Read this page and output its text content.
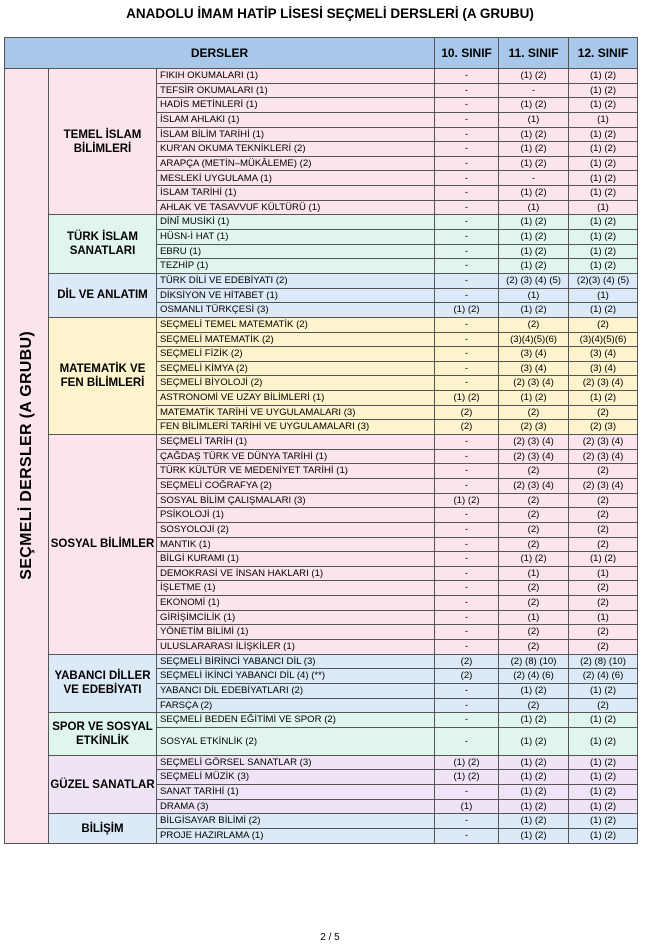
ANADOLU İMAM HATİP LİSESİ SEÇMELİ DERSLERİ (A GRUBU)
DERSLER			10. SINIF	11. SINIF	12. SINIF

SEÇMELİ DERSLER (A GRUBU)	TEMEL İSLAM BİLİMLERİ	FIKIH OKUMALARI (1)	-	(1) (2)	(1) (2)
		TEFSİR OKUMALARI (1)	-	-	(1) (2)
		HADİS METİNLERİ (1)	-	(1) (2)	(1) (2)
		İSLAM AHLAKI (1)	-	(1)	(1)
		İSLAM BİLİM TARİHİ (1)	-	(1) (2)	(1) (2)
		KUR'AN OKUMA TEKNİKLERİ (2)	-	(1) (2)	(1) (2)
		ARAPÇA (METİN–MÜKÂLEME) (2)	-	(1) (2)	(1) (2)
		MESLEKİ UYGULAMA (1)	-	-	(1) (2)
		İSLAM TARİHİ (1)	-	(1) (2)	(1) (2)
		AHLAK VE TASAVVUF KÜLTÜRÜ (1)	-	(1)	(1)
	TÜRK İSLAM SANATLARI	DİNÎ MUSİKİ (1)	-	(1) (2)	(1) (2)
		HÜSN-İ HAT (1)	-	(1) (2)	(1) (2)
		EBRU (1)	-	(1) (2)	(1) (2)
		TEZHİP (1)	-	(1) (2)	(1) (2)
	DİL VE ANLATIM	TÜRK DİLİ VE EDEBİYATI (2)	-	(2) (3) (4) (5)	(2)(3) (4) (5)
		DİKSİYON VE HİTABET (1)	-	(1)	(1)
		OSMANLI TÜRKÇESİ (3)	(1) (2)	(1) (2)	(1) (2)
	MATEMATİK VE FEN BİLİMLERİ	SEÇMELİ TEMEL MATEMATİK (2)	-	(2)	(2)
		SEÇMELİ MATEMATİK (2)	-	(3)(4)(5)(6)	(3)(4)(5)(6)
		SEÇMELİ FİZİK (2)	-	(3) (4)	(3) (4)
		SEÇMELİ KİMYA (2)	-	(3) (4)	(3) (4)
		SEÇMELİ BİYOLOJİ (2)	-	(2) (3) (4)	(2) (3) (4)
		ASTRONOMİ VE UZAY BİLİMLERİ (1)	(1) (2)	(1) (2)	(1) (2)
		MATEMATİK TARİHİ VE UYGULAMALARI (3)	(2)	(2)	(2)
		FEN BİLİMLERİ TARİHİ VE UYGULAMALARI (3)	(2)	(2) (3)	(2) (3)
	SOSYAL BİLİMLER	SEÇMELİ TARİH (1)	-	(2) (3) (4)	(2) (3) (4)
		ÇAĞDAŞ TÜRK VE DÜNYA TARİHİ (1)	-	(2) (3) (4)	(2) (3) (4)
		TÜRK KÜLTÜR VE MEDENİYET TARİHİ (1)	-	(2)	(2)
		SEÇMELİ COĞRAFYA (2)	-	(2) (3) (4)	(2) (3) (4)
		SOSYAL BİLİM ÇALIŞMALARI (3)	(1) (2)	(2)	(2)
		PSİKOLOJİ (1)	-	(2)	(2)
		SOSYOLOJİ (2)	-	(2)	(2)
		MANTIK (1)	-	(2)	(2)
		BİLGİ KURAMI (1)	-	(1) (2)	(1) (2)
		DEMOKRASİ VE İNSAN HAKLARI (1)	-	(1)	(1)
		İŞLETME (1)	-	(2)	(2)
		EKONOMİ (1)	-	(2)	(2)
		GİRİŞİMCİLİK (1)	-	(1)	(1)
		YÖNETİM BİLİMİ (1)	-	(2)	(2)
		ULUSLARARASI İLİŞKİLER (1)	-	(2)	(2)
	YABANCI DİLLER VE EDEBİYATI	SEÇMELİ BİRİNCİ YABANCI DİL (3)	(2)	(2) (8) (10)	(2) (8) (10)
		SEÇMELİ İKİNCİ YABANCI DİL (4) (**)	(2)	(2) (4) (6)	(2) (4) (6)
		YABANCI DİL EDEBİYATLARI (2)	-	(1) (2)	(1) (2)
		FARSÇA (2)	-	(2)	(2)
	SPOR VE SOSYAL ETKİNLİK	SEÇMELİ BEDEN EĞİTİMİ VE SPOR (2)	-	(1) (2)	(1) (2)
		SOSYAL ETKİNLİK (2)	-	(1) (2)	(1) (2)
	GÜZEL SANATLAR	SEÇMELİ GÖRSEL SANATLAR (3)	(1) (2)	(1) (2)	(1) (2)
		SEÇMELİ MÜZİK (3)	(1) (2)	(1) (2)	(1) (2)
		SANAT TARİHİ (1)	-	(1) (2)	(1) (2)
		DRAMA (3)	(1)	(1) (2)	(1) (2)
	BİLİŞİM	BİLGİSAYAR BİLİMİ (2)	-	(1) (2)	(1) (2)
		PROJE HAZIRLAMA (1)	-	(1) (2)	(1) (2)
2 / 5
